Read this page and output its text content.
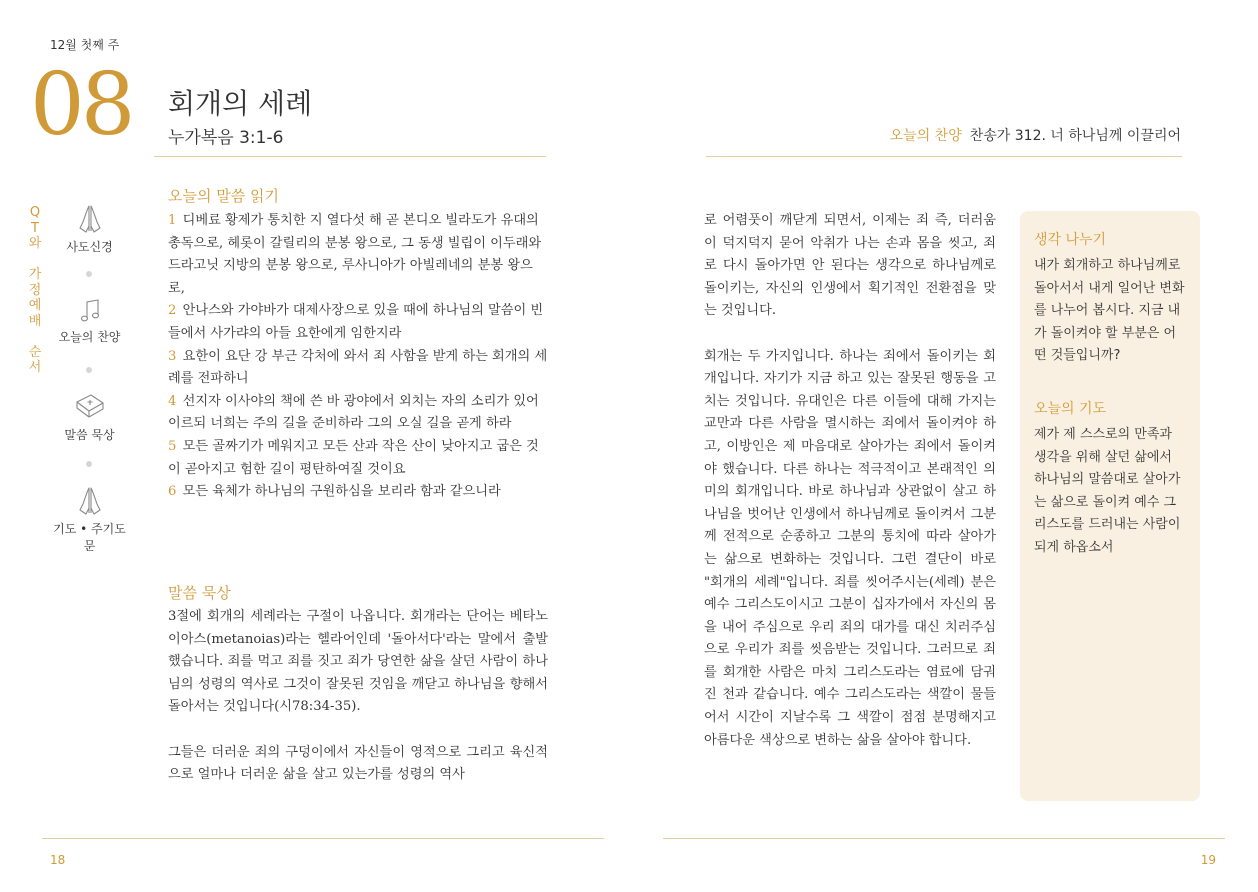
12월 첫째 주
08 회개의 세례
누가복음 3:1-6	오늘의 찬양 찬송가 312. 너 하나님께 이끌리어
Q
T
와
가
정
예
배
순
서
사도신경
오늘의 찬양
말씀 묵상
기도 • 주기도문
오늘의 말씀 읽기

1 디베료 황제가 통치한 지 열다섯 해 곧 본디오 빌라도가 유대의 총독으로, 헤롯이 갈릴리의 분봉 왕으로, 그 동생 빌립이 이두래와 드라고닛 지방의 분봉 왕으로, 루사니아가 아빌레네의 분봉 왕으로,

2 안나스와 가야바가 대제사장으로 있을 때에 하나님의 말씀이 빈 들에서 사가랴의 아들 요한에게 임한지라

3 요한이 요단 강 부근 각처에 와서 죄 사함을 받게 하는 회개의 세례를 전파하니

4 선지자 이사야의 책에 쓴 바 광야에서 외치는 자의 소리가 있어 이르되 너희는 주의 길을 준비하라 그의 오실 길을 곧게 하라

5 모든 골짜기가 메워지고 모든 산과 작은 산이 낮아지고 굽은 것이 곧아지고 험한 길이 평탄하여질 것이요

6 모든 육체가 하나님의 구원하심을 보리라 함과 같으니라

말씀 묵상

3절에 회개의 세례라는 구절이 나옵니다. 회개라는 단어는 베타노이아스(metanoias)라는 헬라어인데 '돌아서다'라는 말에서 출발했습니다. 죄를 먹고 죄를 짓고 죄가 당연한 삶을 살던 사람이 하나님의 성령의 역사로 그것이 잘못된 것임을 깨닫고 하나님을 향해서 돌아서는 것입니다(시78:34-35).

그들은 더러운 죄의 구덩이에서 자신들이 영적으로 그리고 육신적으로 얼마나 더러운 삶을 살고 있는가를 성령의 역사

로 어렴풋이 깨닫게 되면서, 이제는 죄 즉, 더러움이 덕지덕지 묻어 악취가 나는 손과 몸을 씻고, 죄로 다시 돌아가면 안 된다는 생각으로 하나님께로 돌이키는, 자신의 인생에서 획기적인 전환점을 맞는 것입니다.

회개는 두 가지입니다. 하나는 죄에서 돌이키는 회개입니다. 자기가 지금 하고 있는 잘못된 행동을 고치는 것입니다. 유대인은 다른 이들에 대해 가지는 교만과 다른 사람을 멸시하는 죄에서 돌이켜야 하고, 이방인은 제 마음대로 살아가는 죄에서 돌이켜야 했습니다. 다른 하나는 적극적이고 본래적인 의미의 회개입니다. 바로 하나님과 상관없이 살고 하나님을 벗어난 인생에서 하나님께로 돌이켜서 그분께 전적으로 순종하고 그분의 통치에 따라 살아가는 삶으로 변화하는 것입니다. 그런 결단이 바로 "회개의 세례"입니다. 죄를 씻어주시는(세례) 분은 예수 그리스도이시고 그분이 십자가에서 자신의 몸을 내어 주심으로 우리 죄의 대가를 대신 치러주심으로 우리가 죄를 씻음받는 것입니다. 그러므로 죄를 회개한 사람은 마치 그리스도라는 염료에 담궈진 천과 같습니다. 예수 그리스도라는 색깔이 물들어서 시간이 지날수록 그 색깔이 점점 분명해지고 아름다운 색상으로 변하는 삶을 살아야 합니다.

생각 나누기

내가 회개하고 하나님께로 돌아서서 내게 일어난 변화를 나누어 봅시다. 지금 내가 돌이켜야 할 부분은 어떤 것들입니까?

오늘의 기도

제가 제 스스로의 만족과 생각을 위해 살던 삶에서 하나님의 말씀대로 살아가는 삶으로 돌이켜 예수 그리스도를 드러내는 사람이 되게 하옵소서

18	19
